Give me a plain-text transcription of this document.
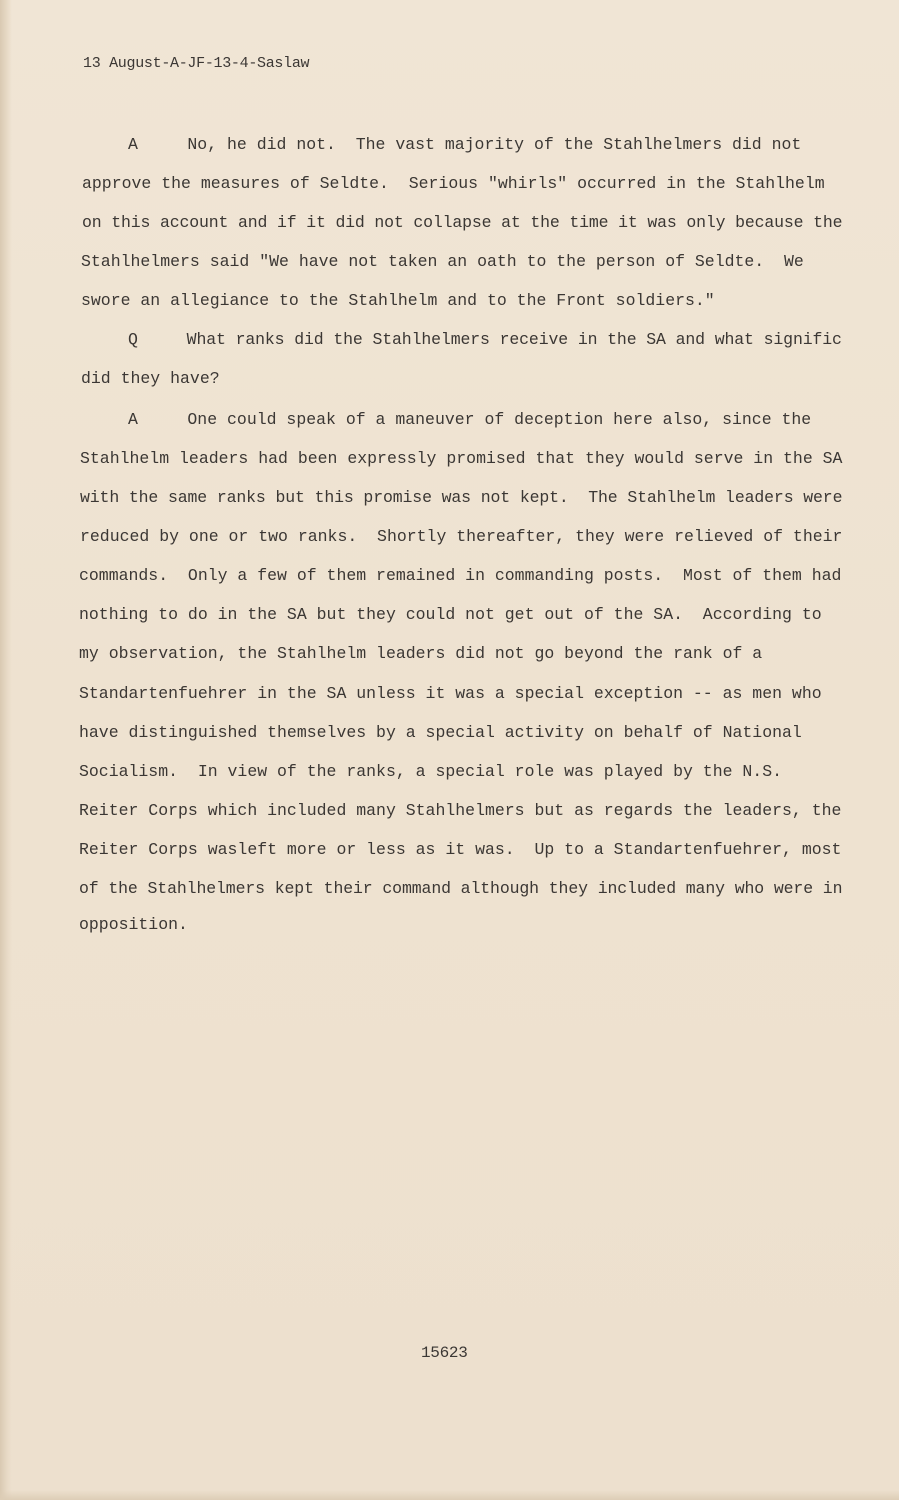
13 August-A-JF-13-4-Saslaw
A     No, he did not.  The vast majority of the Stahlhelmers did not
approve the measures of Seldte.  Serious "whirls" occurred in the Stahlhelm
on this account and if it did not collapse at the time it was only because the
Stahlhelmers said "We have not taken an oath to the person of Seldte.  We
swore an allegiance to the Stahlhelm and to the Front soldiers."
Q     What ranks did the Stahlhelmers receive in the SA and what signific
did they have?
A     One could speak of a maneuver of deception here also, since the
Stahlhelm leaders had been expressly promised that they would serve in the SA
with the same ranks but this promise was not kept.  The Stahlhelm leaders were
reduced by one or two ranks.  Shortly thereafter, they were relieved of their
commands.  Only a few of them remained in commanding posts.  Most of them had
nothing to do in the SA but they could not get out of the SA.  According to
my observation, the Stahlhelm leaders did not go beyond the rank of a
Standartenfuehrer in the SA unless it was a special exception -- as men who
have distinguished themselves by a special activity on behalf of National
Socialism.  In view of the ranks, a special role was played by the N.S.
Reiter Corps which included many Stahlhelmers but as regards the leaders, the
Reiter Corps wasleft more or less as it was.  Up to a Standartenfuehrer, most
of the Stahlhelmers kept their command although they included many who were in
opposition.
15623
